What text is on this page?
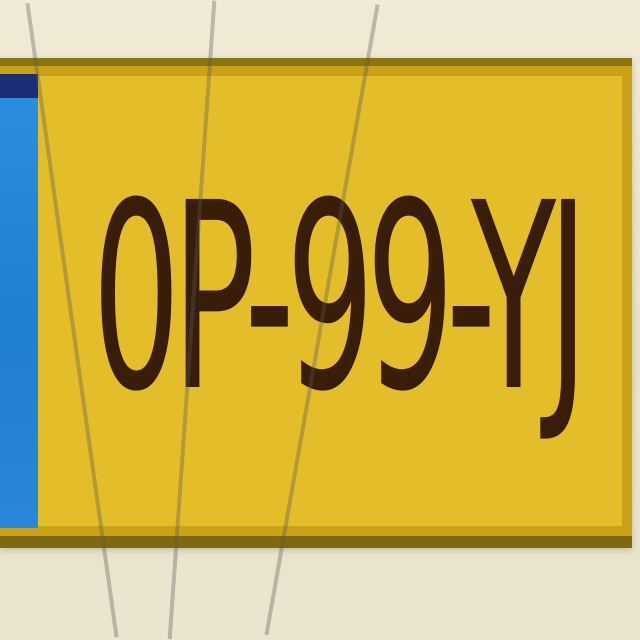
0P-99-YJ
